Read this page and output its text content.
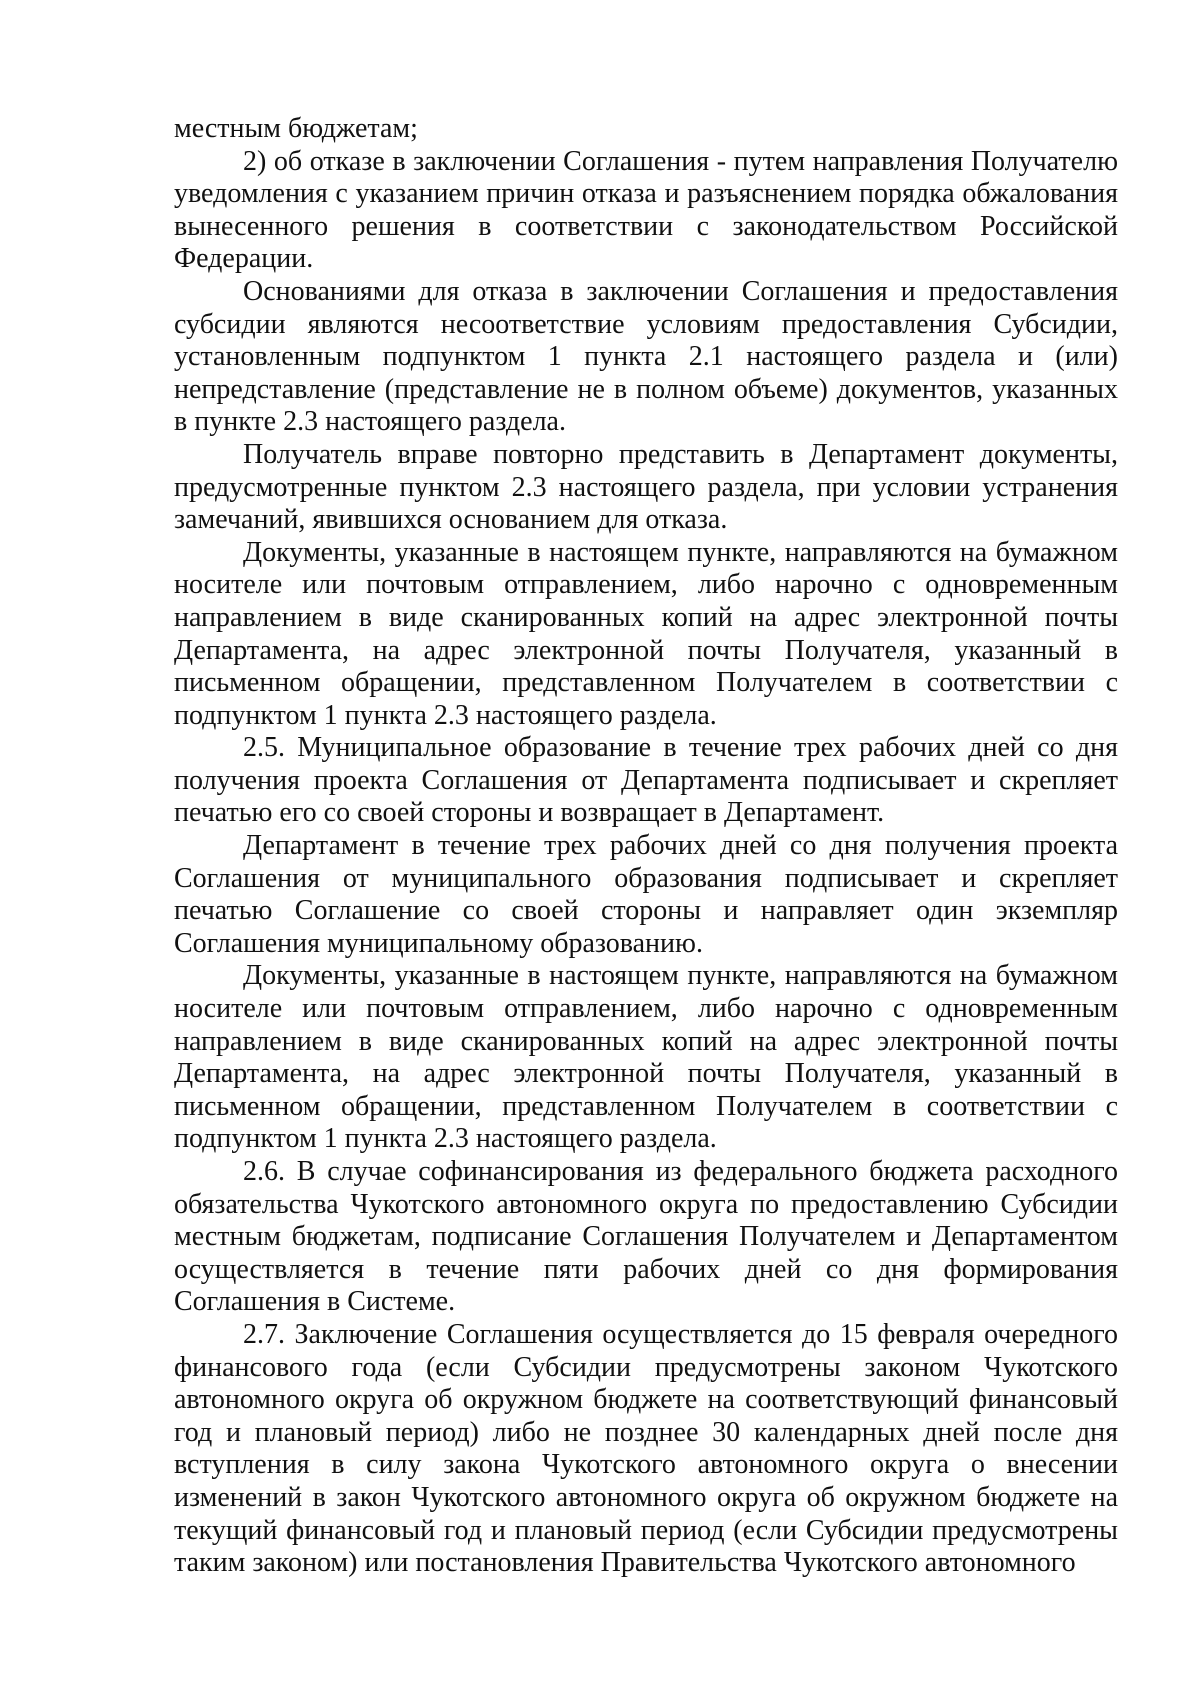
местным бюджетам;

2) об отказе в заключении Соглашения - путем направления Получателю уведомления с указанием причин отказа и разъяснением порядка обжалования вынесенного решения в соответствии с законодательством Российской Федерации.

Основаниями для отказа в заключении Соглашения и предоставления субсидии являются несоответствие условиям предоставления Субсидии, установленным подпунктом 1 пункта 2.1 настоящего раздела и (или) непредставление (представление не в полном объеме) документов, указанных в пункте 2.3 настоящего раздела.

Получатель вправе повторно представить в Департамент документы, предусмотренные пунктом 2.3 настоящего раздела, при условии устранения замечаний, явившихся основанием для отказа.

Документы, указанные в настоящем пункте, направляются на бумажном носителе или почтовым отправлением, либо нарочно с одновременным направлением в виде сканированных копий на адрес электронной почты Департамента, на адрес электронной почты Получателя, указанный в письменном обращении, представленном Получателем в соответствии с подпунктом 1 пункта 2.3 настоящего раздела.

2.5. Муниципальное образование в течение трех рабочих дней со дня получения проекта Соглашения от Департамента подписывает и скрепляет печатью его со своей стороны и возвращает в Департамент.

Департамент в течение трех рабочих дней со дня получения проекта Соглашения от муниципального образования подписывает и скрепляет печатью Соглашение со своей стороны и направляет один экземпляр Соглашения муниципальному образованию.

Документы, указанные в настоящем пункте, направляются на бумажном носителе или почтовым отправлением, либо нарочно с одновременным направлением в виде сканированных копий на адрес электронной почты Департамента, на адрес электронной почты Получателя, указанный в письменном обращении, представленном Получателем в соответствии с подпунктом 1 пункта 2.3 настоящего раздела.

2.6. В случае софинансирования из федерального бюджета расходного обязательства Чукотского автономного округа по предоставлению Субсидии местным бюджетам, подписание Соглашения Получателем и Департаментом осуществляется в течение пяти рабочих дней со дня формирования Соглашения в Системе.

2.7. Заключение Соглашения осуществляется до 15 февраля очередного финансового года (если Субсидии предусмотрены законом Чукотского автономного округа об окружном бюджете на соответствующий финансовый год и плановый период) либо не позднее 30 календарных дней после дня вступления в силу закона Чукотского автономного округа о внесении изменений в закон Чукотского автономного округа об окружном бюджете на текущий финансовый год и плановый период (если Субсидии предусмотрены таким законом) или постановления Правительства Чукотского автономного
